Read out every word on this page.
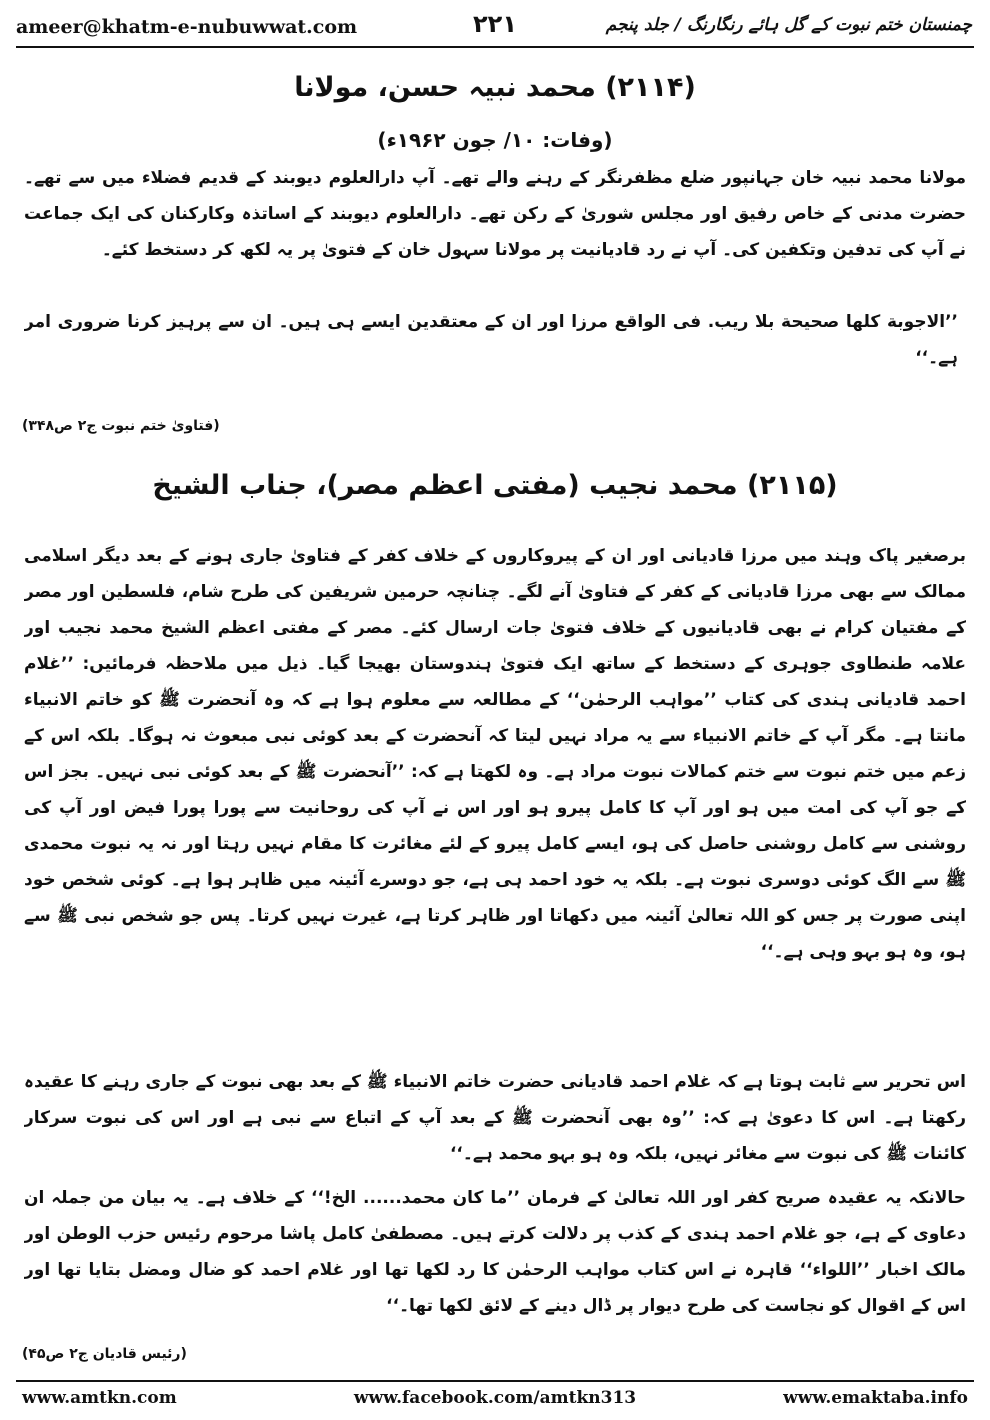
ameer@khatm-e-nubuwwat.com	۲۲۱	چمنستان ختم نبوت کے گل ہائے رنگارنگ / جلد پنجم
(۲۱۱۴) محمد نبیہ حسن، مولانا
(وفات: ۱۰/ جون ۱۹۶۲ء)
مولانا محمد نبیہ خان جہانپور ضلع مظفرنگر کے رہنے والے تھے۔ آپ دارالعلوم دیوبند کے قدیم فضلاء میں سے تھے۔ حضرت مدنی کے خاص رفیق اور مجلس شوریٰ کے رکن تھے۔ دارالعلوم دیوبند کے اساتذہ وکارکنان کی ایک جماعت نے آپ کی تدفین وتکفین کی۔ آپ نے رد قادیانیت پر مولانا سہول خان کے فتویٰ پر یہ لکھ کر دستخط کئے۔
’’الاجوبة كلها صحيحة بلا ريب. فی الواقع مرزا اور ان کے معتقدین ایسے ہی ہیں۔ ان سے پرہیز کرنا ضروری امر ہے۔‘‘
(فتاویٰ ختم نبوت ج۲ ص۳۴۸)
(۲۱۱۵) محمد نجیب (مفتی اعظم مصر)، جناب الشیخ
برصغیر پاک وہند میں مرزا قادیانی اور ان کے پیروکاروں کے خلاف کفر کے فتاویٰ جاری ہونے کے بعد دیگر اسلامی ممالک سے بھی مرزا قادیانی کے کفر کے فتاویٰ آنے لگے۔ چنانچہ حرمین شریفین کی طرح شام، فلسطین اور مصر کے مفتیان کرام نے بھی قادیانیوں کے خلاف فتویٰ جات ارسال کئے۔ مصر کے مفتی اعظم الشیخ محمد نجیب اور علامہ طنطاوی جوہری کے دستخط کے ساتھ ایک فتویٰ ہندوستان بھیجا گیا۔ ذیل میں ملاحظہ فرمائیں: ’’غلام احمد قادیانی ہندی کی کتاب ’’مواہب الرحمٰن‘‘ کے مطالعہ سے معلوم ہوا ہے کہ وہ آنحضرت ﷺ کو خاتم الانبیاء مانتا ہے۔ مگر آپ کے خاتم الانبیاء سے یہ مراد نہیں لیتا کہ آنحضرت کے بعد کوئی نبی مبعوث نہ ہوگا۔ بلکہ اس کے زعم میں ختم نبوت سے ختم کمالات نبوت مراد ہے۔ وہ لکھتا ہے کہ: ’’آنحضرت ﷺ کے بعد کوئی نبی نہیں۔ بجز اس کے جو آپ کی امت میں ہو اور آپ کا کامل پیرو ہو اور اس نے آپ کی روحانیت سے پورا پورا فیض اور آپ کی روشنی سے کامل روشنی حاصل کی ہو، ایسے کامل پیرو کے لئے مغائرت کا مقام نہیں رہتا اور نہ یہ نبوت محمدی ﷺ سے الگ کوئی دوسری نبوت ہے۔ بلکہ یہ خود احمد ہی ہے، جو دوسرے آئینہ میں ظاہر ہوا ہے۔ کوئی شخص خود اپنی صورت پر جس کو اللہ تعالیٰ آئینہ میں دکھاتا اور ظاہر کرتا ہے، غیرت نہیں کرتا۔ پس جو شخص نبی ﷺ سے ہو، وہ ہو بہو وہی ہے۔‘‘
اس تحریر سے ثابت ہوتا ہے کہ غلام احمد قادیانی حضرت خاتم الانبیاء ﷺ کے بعد بھی نبوت کے جاری رہنے کا عقیدہ رکھتا ہے۔ اس کا دعویٰ ہے کہ: ’’وہ بھی آنحضرت ﷺ کے بعد آپ کے اتباع سے نبی ہے اور اس کی نبوت سرکار کائنات ﷺ کی نبوت سے مغائر نہیں، بلکہ وہ ہو بہو محمد ہے۔‘‘
حالانکہ یہ عقیدہ صریح کفر اور اللہ تعالیٰ کے فرمان ’’ما كان محمد...... الخ!‘‘ کے خلاف ہے۔ یہ بیان من جملہ ان دعاوی کے ہے، جو غلام احمد ہندی کے کذب پر دلالت کرتے ہیں۔ مصطفیٰ کامل پاشا مرحوم رئیس حزب الوطن اور مالک اخبار ’’اللواء‘‘ قاہرہ نے اس کتاب مواہب الرحمٰن کا رد لکھا تھا اور غلام احمد کو ضال ومضل بتایا تھا اور اس کے اقوال کو نجاست کی طرح دیوار پر ڈال دینے کے لائق لکھا تھا۔‘‘
(رئیس قادیان ج۲ ص۴۵)
www.amtkn.com	www.facebook.com/amtkn313	www.emaktaba.info
